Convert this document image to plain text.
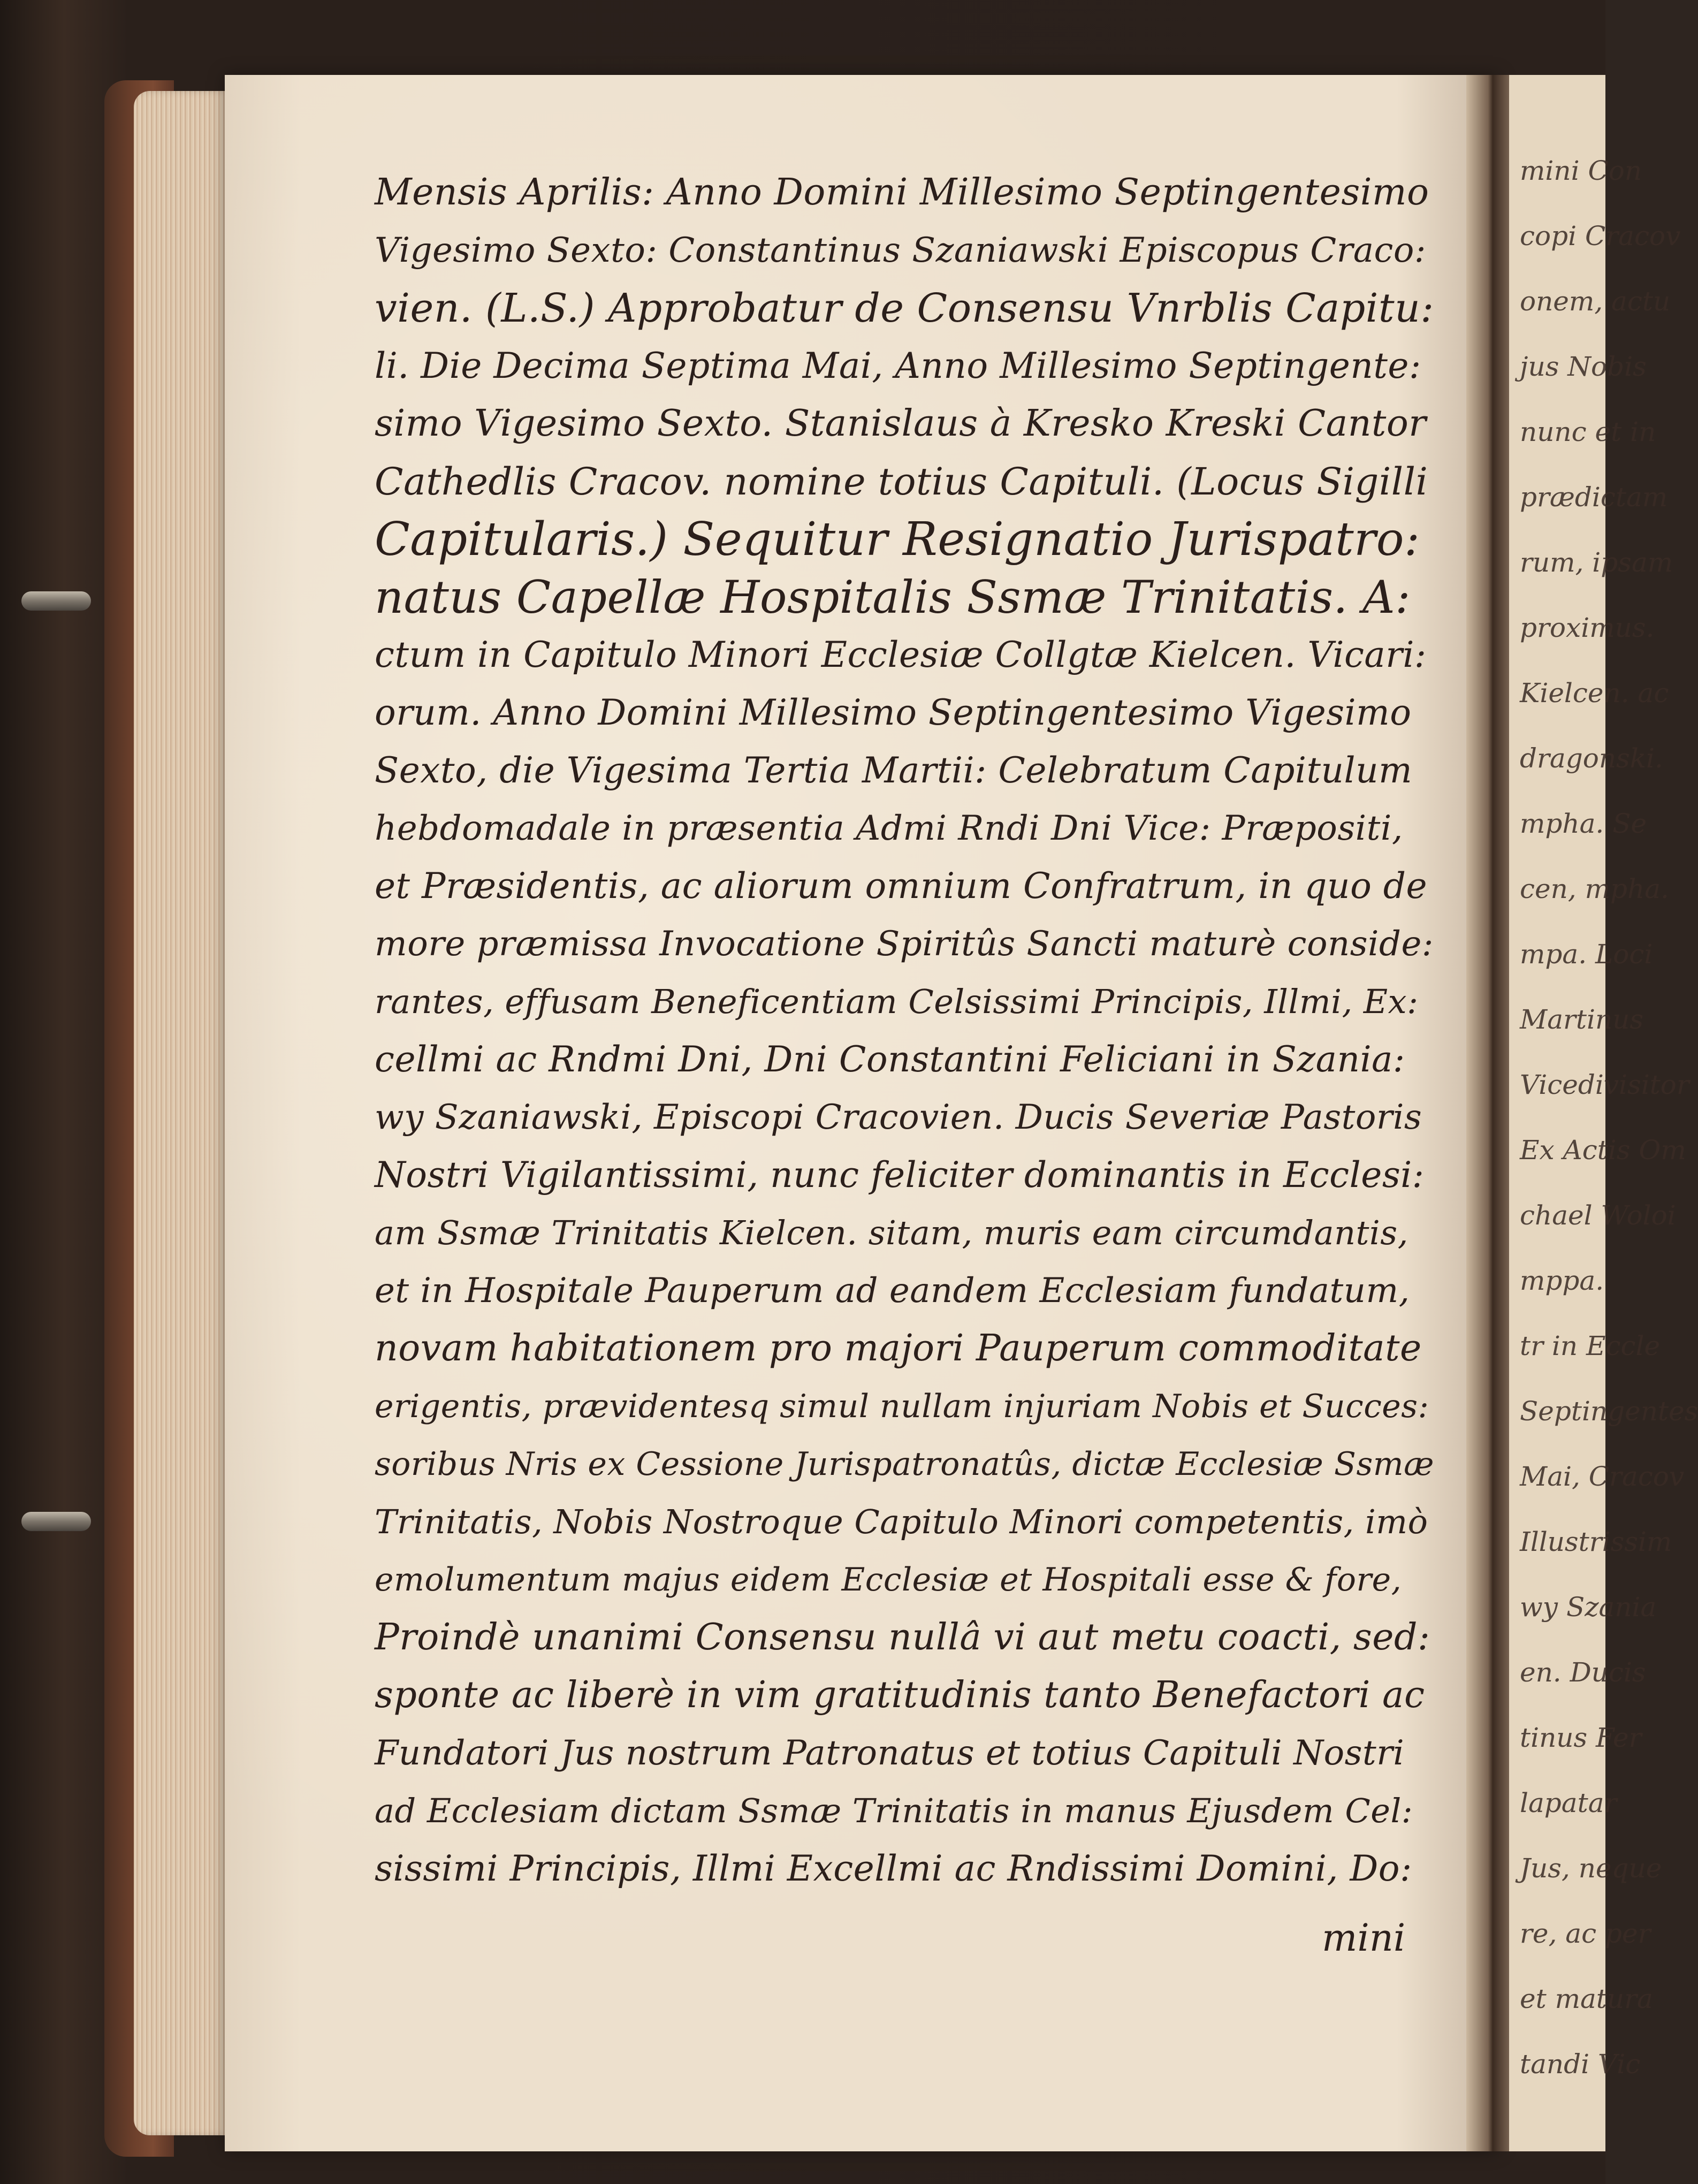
mini Con
copi Cracov
onem, actu
jus Nobis
nunc et in
prædictam
rum, ipsam
proximus.
Kielcen. ac
dragonski.
mpha. Se
cen, mpha.
mpa. Loci
Martinus
Vicedivisitor
Ex Actis Om
chael Woloi
mppa.
tr in Eccle
Septingentes
Mai, Cracov
Illustrissim
wy Szania
en. Ducis
tinus Fer
lapatar
Jus, neque
re, ac per
et matura
tandi Vic
Mensis Aprilis: Anno Domini Millesimo Septingentesimo
Vigesimo Sexto: Constantinus Szaniawski Episcopus Craco:
vien. (L.S.) Approbatur de Consensu Vnrblis Capitu:
li. Die Decima Septima Mai, Anno Millesimo Septingente:
simo Vigesimo Sexto. Stanislaus à Kresko Kreski Cantor
Cathedlis Cracov. nomine totius Capituli. (Locus Sigilli
Capitularis.) Sequitur Resignatio Jurispatro:
natus Capellæ Hospitalis Ssmæ Trinitatis. A:
ctum in Capitulo Minori Ecclesiæ Collgtæ Kielcen. Vicari:
orum. Anno Domini Millesimo Septingentesimo Vigesimo
Sexto, die Vigesima Tertia Martii: Celebratum Capitulum
hebdomadale in præsentia Admi Rndi Dni Vice: Præpositi,
et Præsidentis, ac aliorum omnium Confratrum, in quo de
more præmissa Invocatione Spiritûs Sancti maturè conside:
rantes, effusam Beneficentiam Celsissimi Principis, Illmi, Ex:
cellmi ac Rndmi Dni, Dni Constantini Feliciani in Szania:
wy Szaniawski, Episcopi Cracovien. Ducis Severiæ Pastoris
Nostri Vigilantissimi, nunc feliciter dominantis in Ecclesi:
am Ssmæ Trinitatis Kielcen. sitam, muris eam circumdantis,
et in Hospitale Pauperum ad eandem Ecclesiam fundatum,
novam habitationem pro majori Pauperum commoditate
erigentis, prævidentesq simul nullam injuriam Nobis et Succes:
soribus Nris ex Cessione Jurispatronatûs, dictæ Ecclesiæ Ssmæ
Trinitatis, Nobis Nostroque Capitulo Minori competentis, imò
emolumentum majus eidem Ecclesiæ et Hospitali esse & fore,
Proindè unanimi Consensu nullâ vi aut metu coacti, sed:
sponte ac liberè in vim gratitudinis tanto Benefactori ac
Fundatori Jus nostrum Patronatus et totius Capituli Nostri
ad Ecclesiam dictam Ssmæ Trinitatis in manus Ejusdem Cel:
sissimi Principis, Illmi Excellmi ac Rndissimi Domini, Do:
mini
